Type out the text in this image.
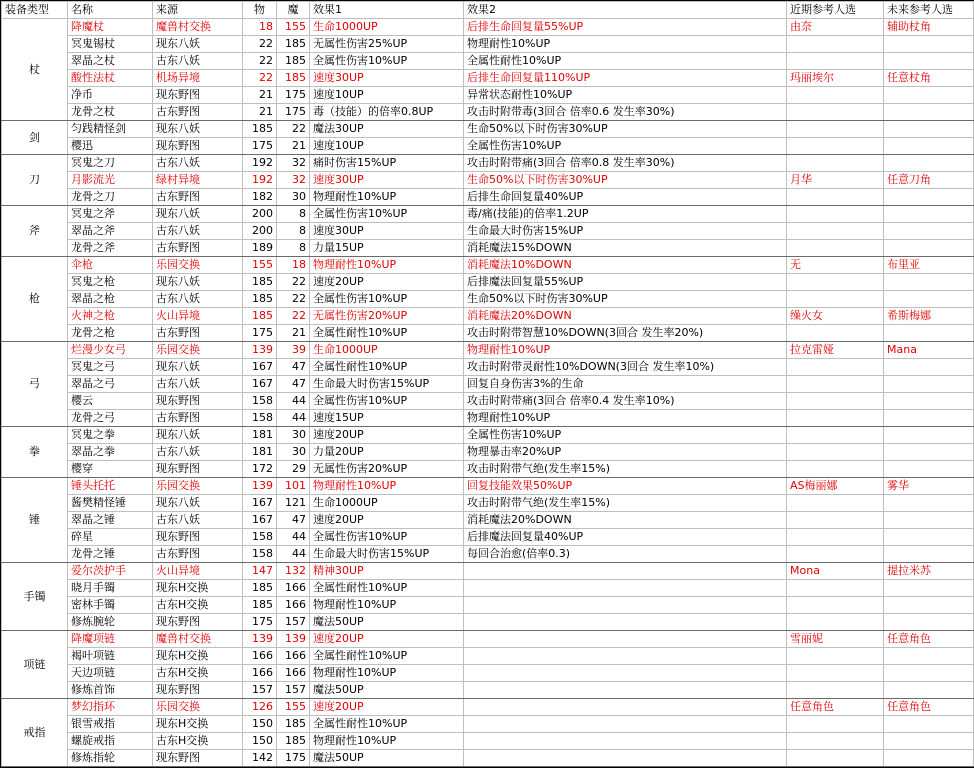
装备类型	名称	来源	物	魔	效果1	效果2	近期参考人选	未来参考人选
杖	降魔杖	魔兽村交换	18	155	生命1000UP	后排生命回复量55%UP	由奈	辅助杖角
	冥鬼锡杖	现东八妖	22	185	无属性伤害25%UP	物理耐性10%UP		
	翠晶之杖	古东八妖	22	185	全属性伤害10%UP	全属性耐性10%UP		
	酸性法杖	机场异境	22	185	速度30UP	后排生命回复量110%UP	玛丽埃尔	任意杖角
	净币	现东野图	21	175	速度10UP	异常状态耐性10%UP		
	龙骨之杖	古东野图	21	175	毒（技能）的倍率0.8UP	攻击时附带毒(3回合 倍率0.6 发生率30%)		
剑	匀践精怪剑	现东八妖	185	22	魔法30UP	生命50%以下时伤害30%UP		
	樱迅	现东野图	175	21	速度10UP	全属性伤害10%UP		
刀	冥鬼之刀	古东八妖	192	32	痛时伤害15%UP	攻击时附带痛(3回合 倍率0.8 发生率30%)		
	月影流光	绿村异境	192	32	速度30UP	生命50%以下时伤害30%UP	月华	任意刀角
	龙骨之刀	古东野图	182	30	物理耐性10%UP	后排生命回复量40%UP		
斧	冥鬼之斧	现东八妖	200	8	全属性伤害10%UP	毒/痛(技能)的倍率1.2UP		
	翠晶之斧	古东八妖	200	8	速度30UP	生命最大时伤害15%UP		
	龙骨之斧	古东野图	189	8	力量15UP	消耗魔法15%DOWN		
枪	伞枪	乐园交换	155	18	物理耐性10%UP	消耗魔法10%DOWN	无	布里亚
	冥鬼之枪	现东八妖	185	22	速度20UP	后排魔法回复量55%UP		
	翠晶之枪	古东八妖	185	22	全属性伤害10%UP	生命50%以下时伤害30%UP		
	火神之枪	火山异境	185	22	无属性伤害20%UP	消耗魔法20%DOWN	缲火女	希斯梅娜
	龙骨之枪	古东野图	175	21	全属性耐性10%UP	攻击时附带智慧10%DOWN(3回合 发生率20%)		
弓	烂漫少女弓	乐园交换	139	39	生命1000UP	物理耐性10%UP	拉克雷娅	Mana
	冥鬼之弓	现东八妖	167	47	全属性耐性10%UP	攻击时附带灵耐性10%DOWN(3回合 发生率10%)		
	翠晶之弓	古东八妖	167	47	生命最大时伤害15%UP	回复自身伤害3%的生命		
	樱云	现东野图	158	44	全属性伤害10%UP	攻击时附带痛(3回合 倍率0.4 发生率10%)		
	龙骨之弓	古东野图	158	44	速度15UP	物理耐性10%UP		
拳	冥鬼之拳	现东八妖	181	30	速度20UP	全属性伤害10%UP		
	翠晶之拳	古东八妖	181	30	力量20UP	物理暴击率20%UP		
	樱穿	现东野图	172	29	无属性伤害20%UP	攻击时附带气绝(发生率15%)		
锤	锤头托托	乐园交换	139	101	物理耐性10%UP	回复技能效果50%UP	AS梅丽娜	雾华
	酱樊精怪锤	现东八妖	167	121	生命1000UP	攻击时附带气绝(发生率15%)		
	翠晶之锤	古东八妖	167	47	速度20UP	消耗魔法20%DOWN		
	碎星	现东野图	158	44	全属性伤害10%UP	后排魔法回复量40%UP		
	龙骨之锤	古东野图	158	44	生命最大时伤害15%UP	每回合治愈(倍率0.3)		
手镯	爱尔茨护手	火山异境	147	132	精神30UP		Mona	提拉米苏
	晓月手镯	现东H交换	185	166	全属性耐性10%UP			
	密林手镯	古东H交换	185	166	物理耐性10%UP			
	修炼腕轮	现东野图	175	157	魔法50UP			
项链	降魔项链	魔兽村交换	139	139	速度20UP		雪丽妮	任意角色
	褐叶项链	现东H交换	166	166	全属性耐性10%UP			
	天边项链	古东H交换	166	166	物理耐性10%UP			
	修炼首饰	现东野图	157	157	魔法50UP			
戒指	梦幻指环	乐园交换	126	155	速度20UP		任意角色	任意角色
	银雪戒指	现东H交换	150	185	全属性耐性10%UP			
	螺旋戒指	古东H交换	150	185	物理耐性10%UP			
	修炼指轮	现东野图	142	175	魔法50UP			
